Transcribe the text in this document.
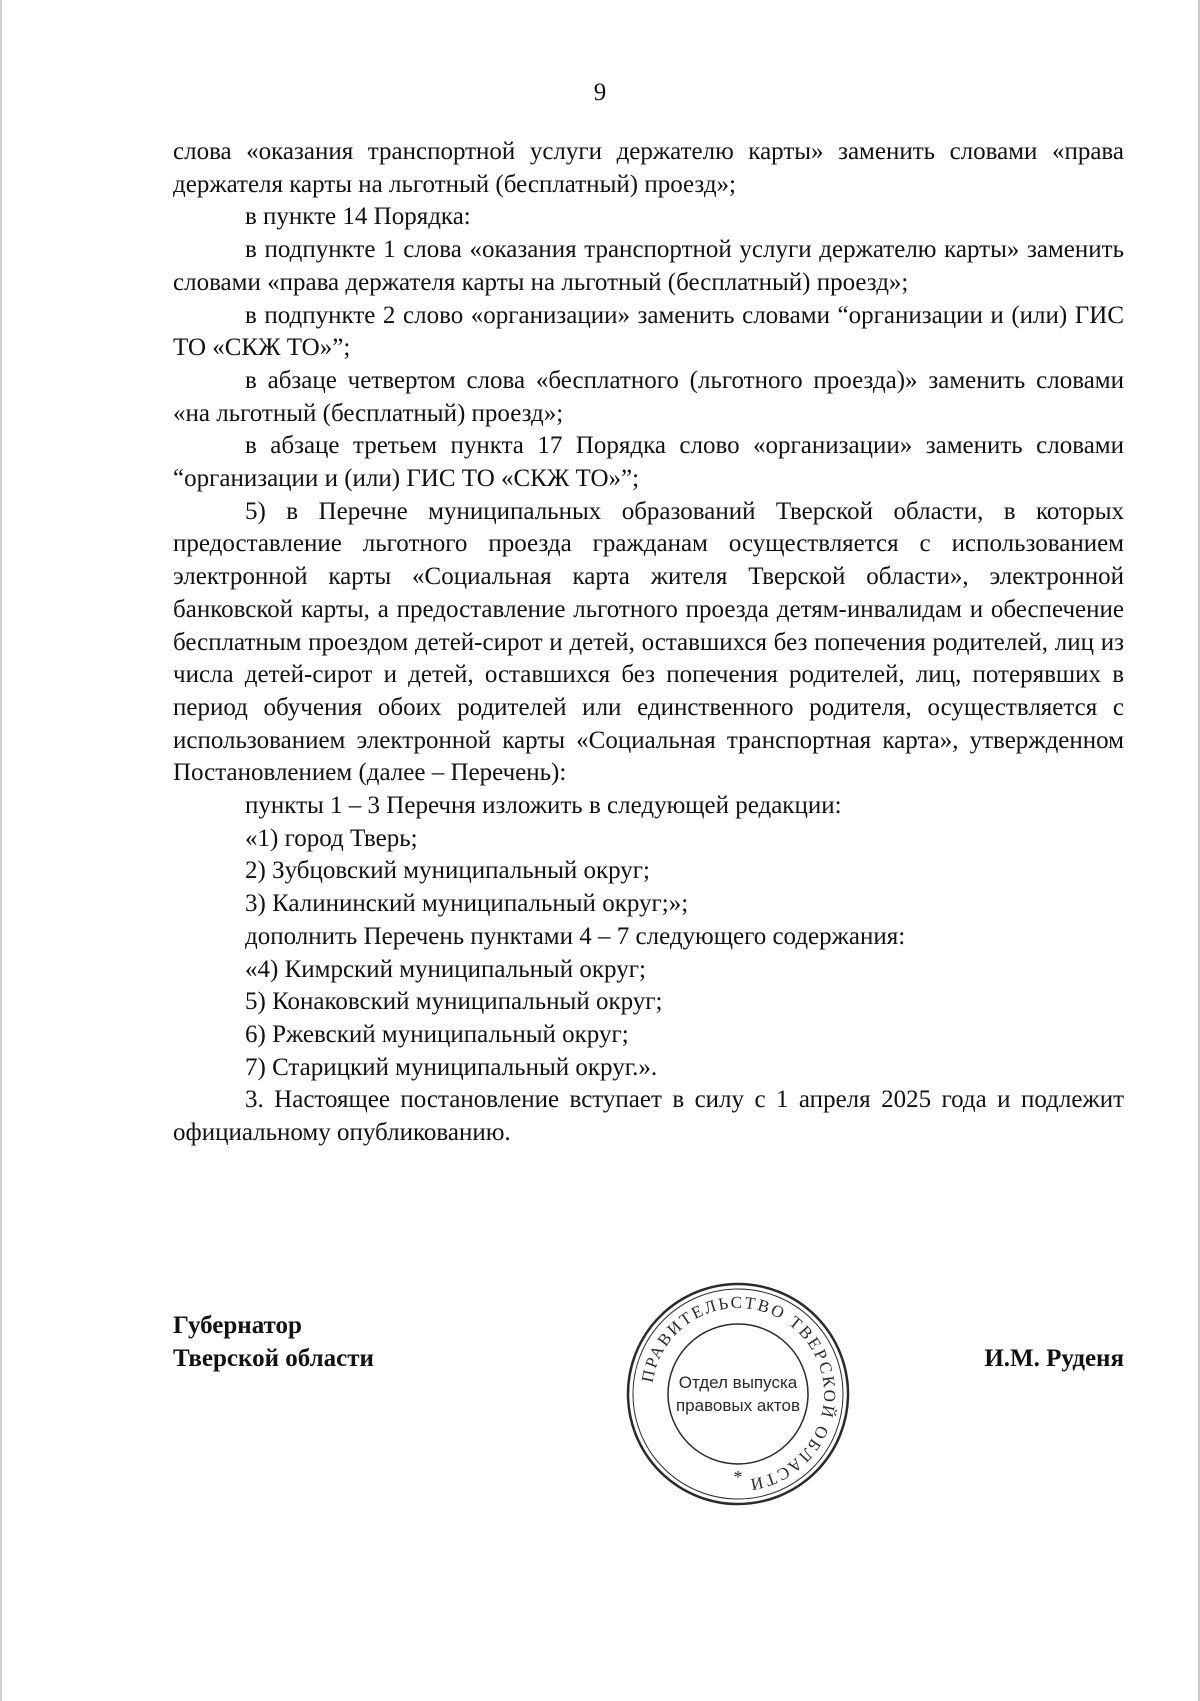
9

слова «оказания транспортной услуги держателю карты» заменить словами «права держателя карты на льготный (бесплатный) проезд»;

в пункте 14 Порядка:

в подпункте 1 слова «оказания транспортной услуги держателю карты» заменить словами «права держателя карты на льготный (бесплатный) проезд»;

в подпункте 2 слово «организации» заменить словами “организации и (или) ГИС ТО «СКЖ ТО»”;

в абзаце четвертом слова «бесплатного (льготного проезда)» заменить словами «на льготный (бесплатный) проезд»;

в абзаце третьем пункта 17 Порядка слово «организации» заменить словами “организации и (или) ГИС ТО «СКЖ ТО»”;

5) в Перечне муниципальных образований Тверской области, в которых предоставление льготного проезда гражданам осуществляется с использованием электронной карты «Социальная карта жителя Тверской области», электронной банковской карты, а предоставление льготного проезда детям-инвалидам и обеспечение бесплатным проездом детей-сирот и детей, оставшихся без попечения родителей, лиц из числа детей-сирот и детей, оставшихся без попечения родителей, лиц, потерявших в период обучения обоих родителей или единственного родителя, осуществляется с использованием электронной карты «Социальная транспортная карта», утвержденном Постановлением (далее – Перечень):

пункты 1 – 3 Перечня изложить в следующей редакции:

«1) город Тверь;

2) Зубцовский муниципальный округ;

3) Калининский муниципальный округ;»;

дополнить Перечень пунктами 4 – 7 следующего содержания:

«4) Кимрский муниципальный округ;

5) Конаковский муниципальный округ;

6) Ржевский муниципальный округ;

7) Старицкий муниципальный округ.».

3. Настоящее постановление вступает в силу с 1 апреля 2025 года и подлежит официальному опубликованию.

Губернатор
Тверской области	И.М. Руденя
ПРАВИТЕЛЬСТВО ТВЕРСКОЙ ОБЛАСТИ
Отдел выпуска
правовых актов
*
